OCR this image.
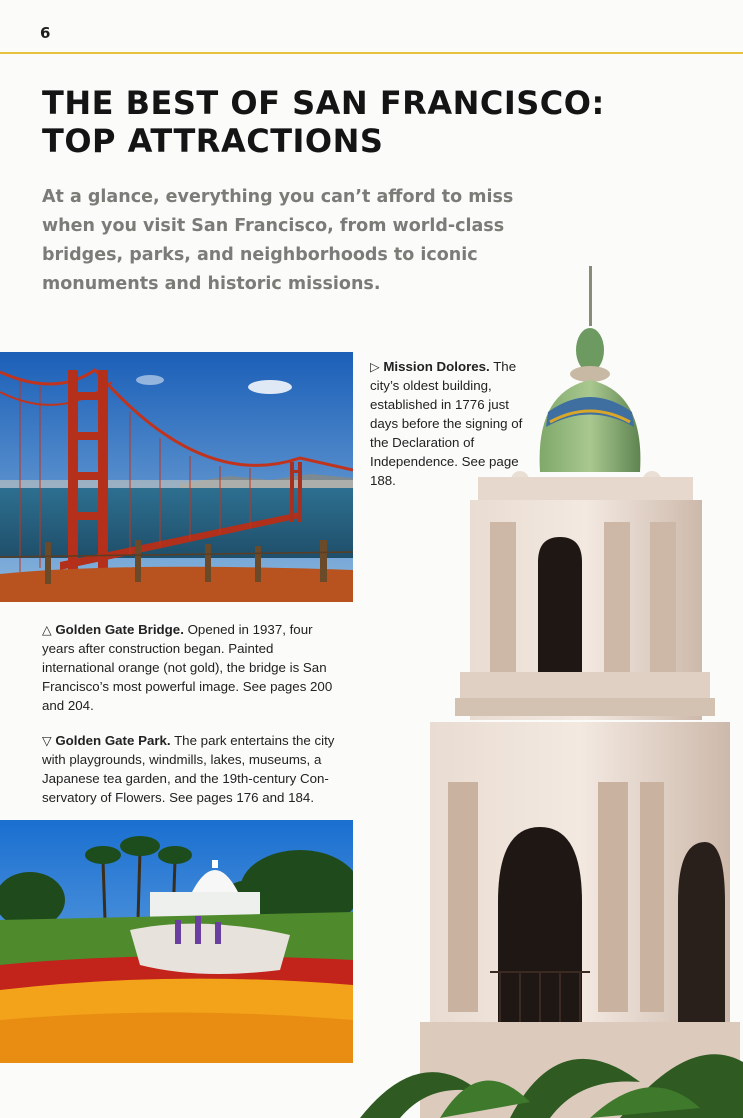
6
THE BEST OF SAN FRANCISCO:
TOP ATTRACTIONS

At a glance, everything you can’t afford to miss when you visit San Francisco, from world-class bridges, parks, and neighborhoods to iconic monuments and historic missions.

▷ Mission Dolores. The city’s oldest building, established in 1776 just days before the signing of the Declaration of Independence. See page 188.

△ Golden Gate Bridge. Opened in 1937, four years after construction began. Painted international orange (not gold), the bridge is San Francisco’s most powerful image. See pages 200 and 204.

▽ Golden Gate Park. The park entertains the city with playgrounds, windmills, lakes, museums, a Japanese tea garden, and the 19th-century Con-servatory of Flowers. See pages 176 and 184.
